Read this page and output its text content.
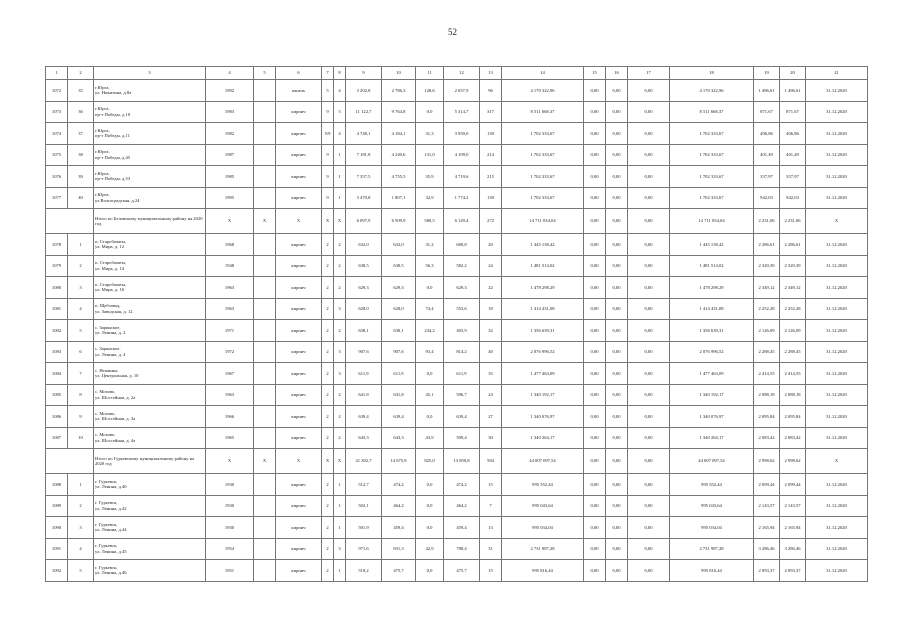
52
1	2	3	4	5	6	7	8	9	10	11	12	13	14	15	16	17	18	19	20	21
1072	35	г.Юрга,
ул. Никитина, д.8а	1992		панель	5	4	3 202,8	2 786,3	128,6	2 657,9	96	4 170 322,96	0,00	0,00	0,00	4 170 322,96	1 496,61	1 496,61	31.12.2020
1073	36	г.Юрга,
пр-т Победы, д.10	1983		кирпич	9	5	11 122,7	9 764,8	0,0	5 314,7	317	8 511 668,37	0,00	0,00	0,00	8 511 668,37	871,67	871,67	31.12.2020
1074	37	г.Юрга,
пр-т Победы, д.11	1982		кирпич	5/9	4	4 748,1	4 184,1	31,3	3 950,0	139	1 702 333,67	0,00	0,00	0,00	1 702 333,67	406,86	406,86	31.12.2020
1075	38	г.Юрга,
пр-т Победы, д.45	1987		кирпич	9	1	7 181,8	4 240,6	131,0	4 109,0	214	1 702 333,67	0,00	0,00	0,00	1 702 333,67	401,49	401,49	31.12.2020
1076	39	г.Юрга,
пр-т Победы, д.53	1985		кирпич	9	1	7 357,5	4 755,5	35,9	4 719,6	215	1 702 333,67	0,00	0,00	0,00	1 702 333,67	357,97	357,97	31.12.2020
1077	40	г.Юрга,
ул.Волгоградская, д.24	1995		кирпич	9	1	3 470,8	1 807,1	32,9	1 774,2	139	1 702 333,67	0,00	0,00	0,00	1 702 333,67	942,03	942,03	31.12.2020
		Итого по Беловскому муниципальному району на 2020 год	X	X	X	X	X	6 097,9	6 509,9	580,5	6 129,4	272	14 711 034,04	0,00	0,00	0,00	14 711 034,04	2 231,06	2 231,06	X
1078	1	п. Старобачаты,
ул. Мира, д. 12	1968		кирпич	2	2	632,0	632,0	31,2	600,8	20	1 445 138,42	0,00	0,00	0,00	1 445 138,42	2 286,61	2 286,61	31.12.2020
1079	2	п. Старобачаты,
ул. Мира, д. 14	1948		кирпич	2	2	638,5	638,5	56,3	582,2	24	1 481 514,02	0,00	0,00	0,00	1 481 514,02	2 320,39	2 320,39	31.12.2020
1080	3	п. Старобачаты,
ул. Мира, д. 16	1963		кирпич	2	2	629,3	629,3	0,0	629,3	22	1 478 298,29	0,00	0,00	0,00	1 478 298,29	2 349,12	2 349,12	31.12.2020
1081	4	п. Щебзавод,
ул. Заводская, д. 12	1963		кирпич	2	3	628,0	628,0	74,4	553,6	18	1 414 431,08	0,00	0,00	0,00	1 414 431,08	2 252,28	2 252,28	31.12.2020
1082	5	с. Заринское,
ул. Ленина, д. 2	1971		кирпич	2	2	638,1	638,1	234,2	403,9	32	1 356 639,31	0,00	0,00	0,00	1 356 639,31	2 126,09	2 126,09	31.12.2020
1083	6	с. Заринское,
ул. Ленина, д. 4	1972		кирпич	2	3	907,6	907,6	93,4	814,2	40	2 076 996,52	0,00	0,00	0,00	2 076 996,52	2 288,45	2 288,45	31.12.2020
1084	7	с. Нежинка,
ул. Центральная, д. 10	1967		кирпич	2	3	611,9	611,9	0,0	611,9	35	1 477 463,09	0,00	0,00	0,00	1 477 463,09	2 414,55	2 414,55	31.12.2020
1085	8	с. Мохово,
ул. Шоссейная, д. 2а	1963		кирпич	2	2	641,8	641,8	45,1	596,7	24	1 340 192,17	0,00	0,00	0,00	1 340 192,17	2 088,18	2 088,18	31.12.2020
1086	9	с. Мохово,
ул. Шоссейная, д. 3а	1966		кирпич	2	2	639,4	639,4	0,0	639,4	27	1 340 076,97	0,00	0,00	0,00	1 340 076,97	2 095,84	2 095,84	31.12.2020
1087	10	с. Мохово,
ул. Шоссейная, д. 4а	1965		кирпич	2	2	643,3	643,3	43,9	599,4	30	1 340 264,17	0,00	0,00	0,00	1 340 264,17	2 083,42	2 083,42	31.12.2020
		Итого по Гурьевскому муниципальному району на 2020 год	X	X	X	X	X	21 302,7	14 675,8	825,0	13 850,8	584	44 007 097,54	0,00	0,00	0,00	44 007 097,54	2 998,62	2 998,62	X
1088	1	г. Гурьевск,
ул. Ленина, д.40	1930		кирпич	2	1	512,7	474,2	0,0	474,2	15	995 552,44	0,00	0,00	0,00	995 552,44	2 099,44	2 099,44	31.12.2020
1089	2	г. Гурьевск,
ул. Ленина, д.42	1930		кирпич	2	1	502,1	464,2	0,0	464,2	7	995 043,64	0,00	0,00	0,00	995 043,64	2 143,57	2 143,57	31.12.2020
1090	3	г. Гурьевск,
ул. Ленина, д.44	1930		кирпич	2	1	501,9	459,4	0,0	459,4	13	995 034,04	0,00	0,00	0,00	995 034,04	2 165,94	2 165,94	31.12.2020
1091	4	г. Гурьевск,
ул. Ленина, д.45	1954		кирпич	2	3	971,6	831,3	42,9	788,4	31	2 731 987,28	0,00	0,00	0,00	2 731 987,28	3 286,46	3 286,46	31.12.2020
1092	5	г. Гурьевск,
ул. Ленина, д.46	1951		кирпич	2	1	518,2	475,7	0,0	475,7	15	995 816,44	0,00	0,00	0,00	995 816,44	2 093,37	2 093,37	31.12.2020
